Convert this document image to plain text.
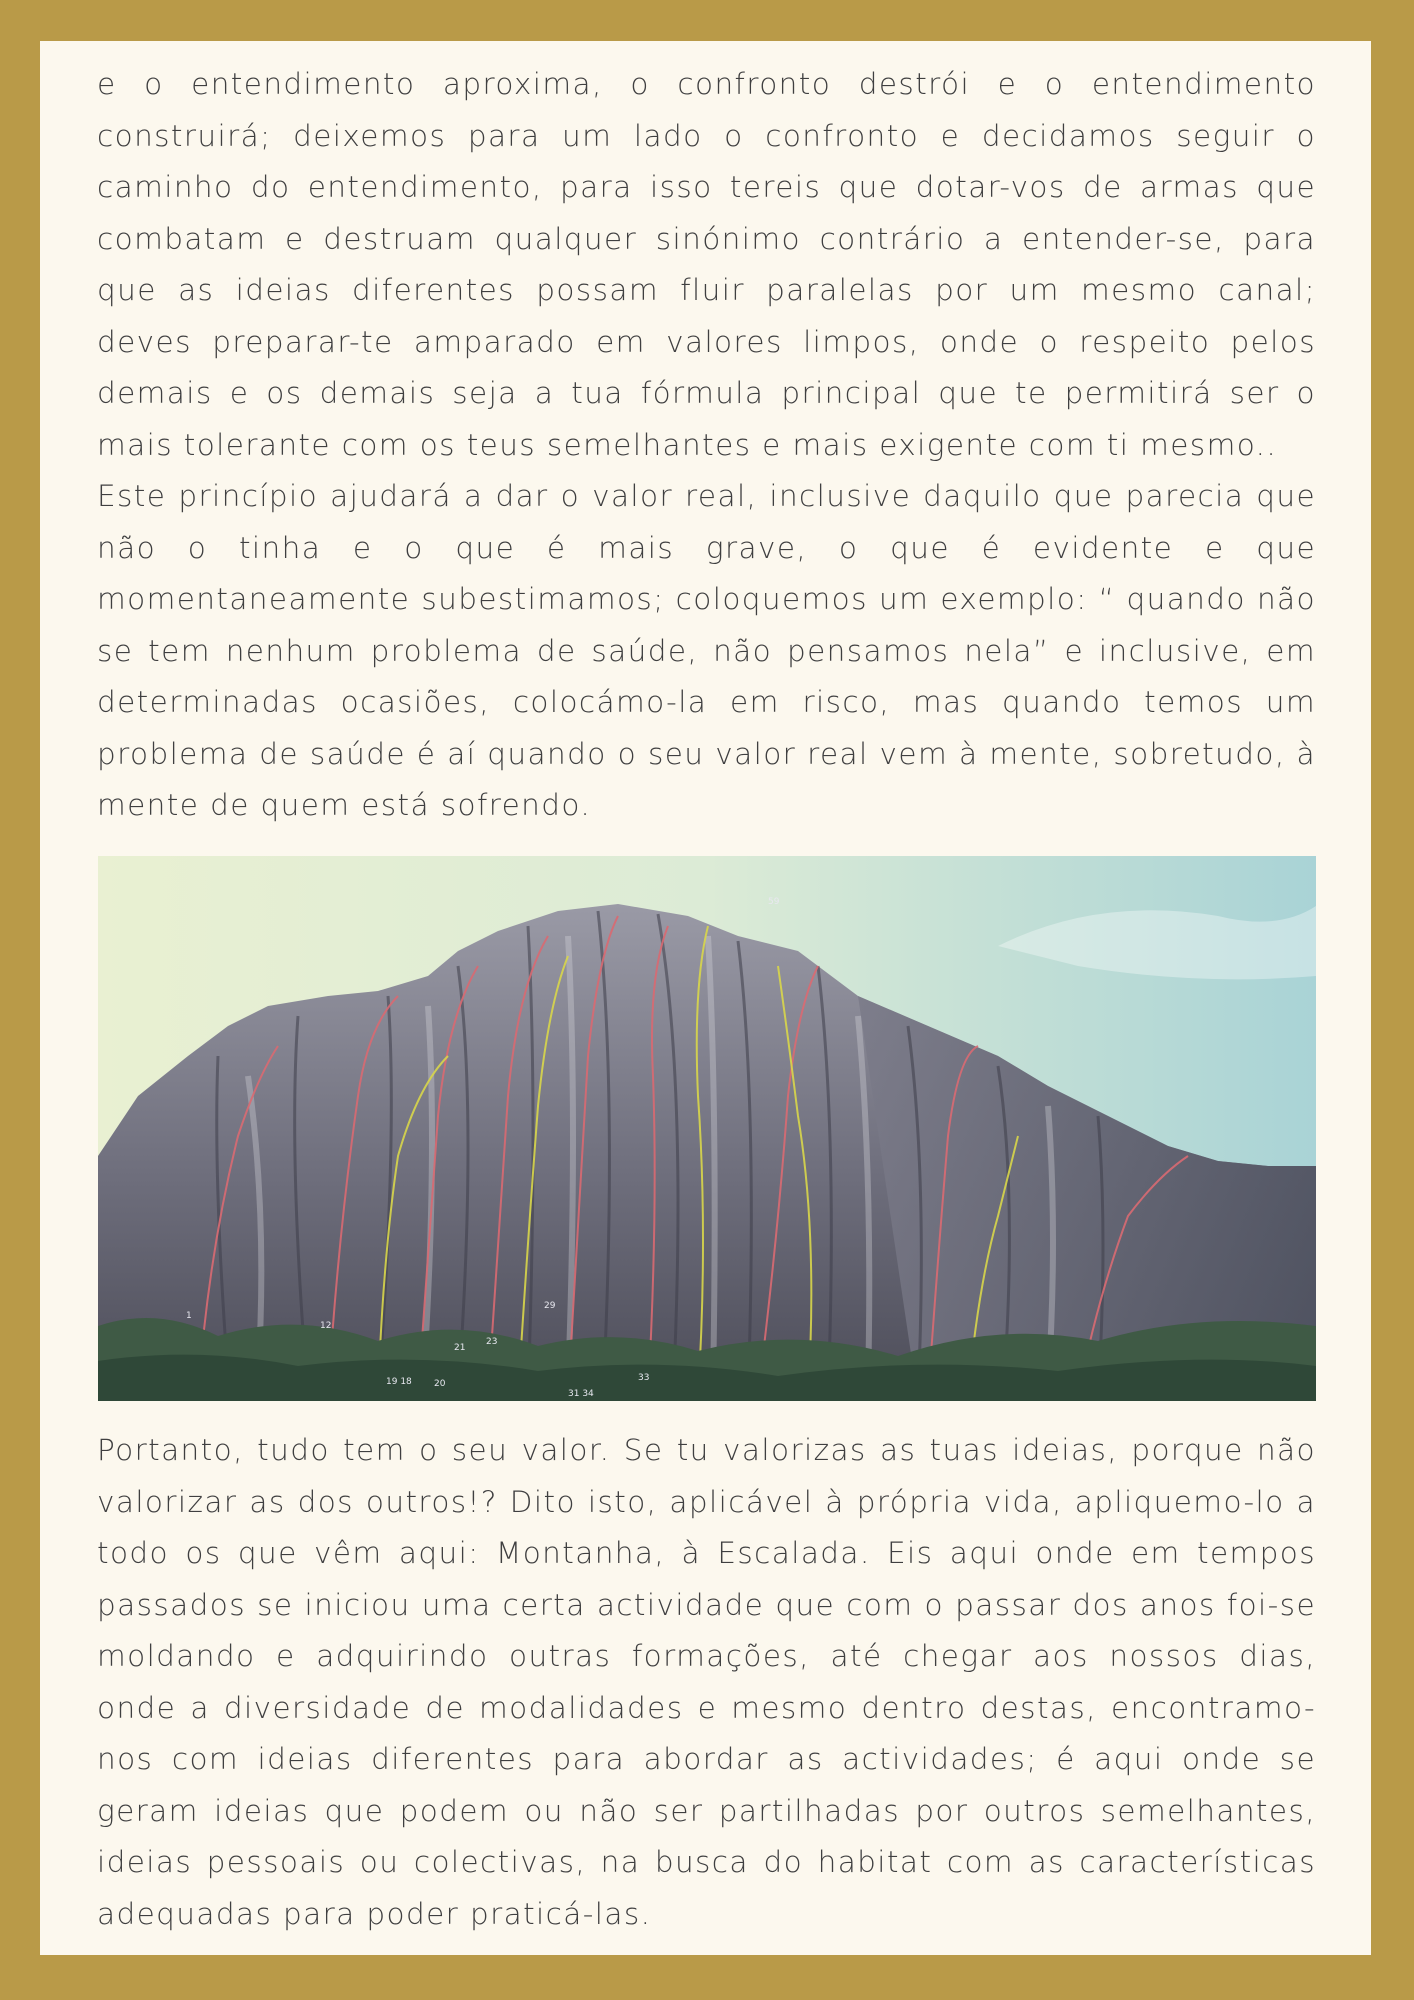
e o entendimento aproxima, o confronto destrói e o entendimento construirá; deixemos para um lado o confronto e decidamos seguir o caminho do entendimento, para isso tereis que dotar-vos de armas que combatam e destruam qualquer sinónimo contrário a entender-se, para que as ideias diferentes possam fluir paralelas por um mesmo canal; deves preparar-te amparado em valores limpos, onde o respeito pelos demais e os demais seja a tua fórmula principal que te permitirá ser o mais tolerante com os teus semelhantes e mais exigente com ti mesmo..

Este princípio ajudará a dar o valor real, inclusive daquilo que parecia que não o tinha e o que é mais grave, o que é evidente e que momentaneamente subestimamos; coloquemos um exemplo: “ quando não se tem nenhum problema de saúde, não pensamos nela” e inclusive, em determinadas ocasiões, colocámo-la em risco, mas quando temos um problema de saúde é aí quando o seu valor real vem à mente, sobretudo, à mente de quem está sofrendo.

59
1
12
19 18 20
21
23
29
31 34
33

Portanto, tudo tem o seu valor. Se tu valorizas as tuas ideias, porque não valorizar as dos outros!? Dito isto, aplicável à própria vida, apliquemo-lo a todo os que vêm aqui: Montanha, à Escalada. Eis aqui onde em tempos passados se iniciou uma certa actividade que com o passar dos anos foi-se moldando e adquirindo outras formações, até chegar aos nossos dias, onde a diversidade de modalidades e mesmo dentro destas, encontramo-nos com ideias diferentes para abordar as actividades; é aqui onde se geram ideias que podem ou não ser partilhadas por outros semelhantes, ideias pessoais ou colectivas, na busca do habitat com as características adequadas para poder praticá-las.
